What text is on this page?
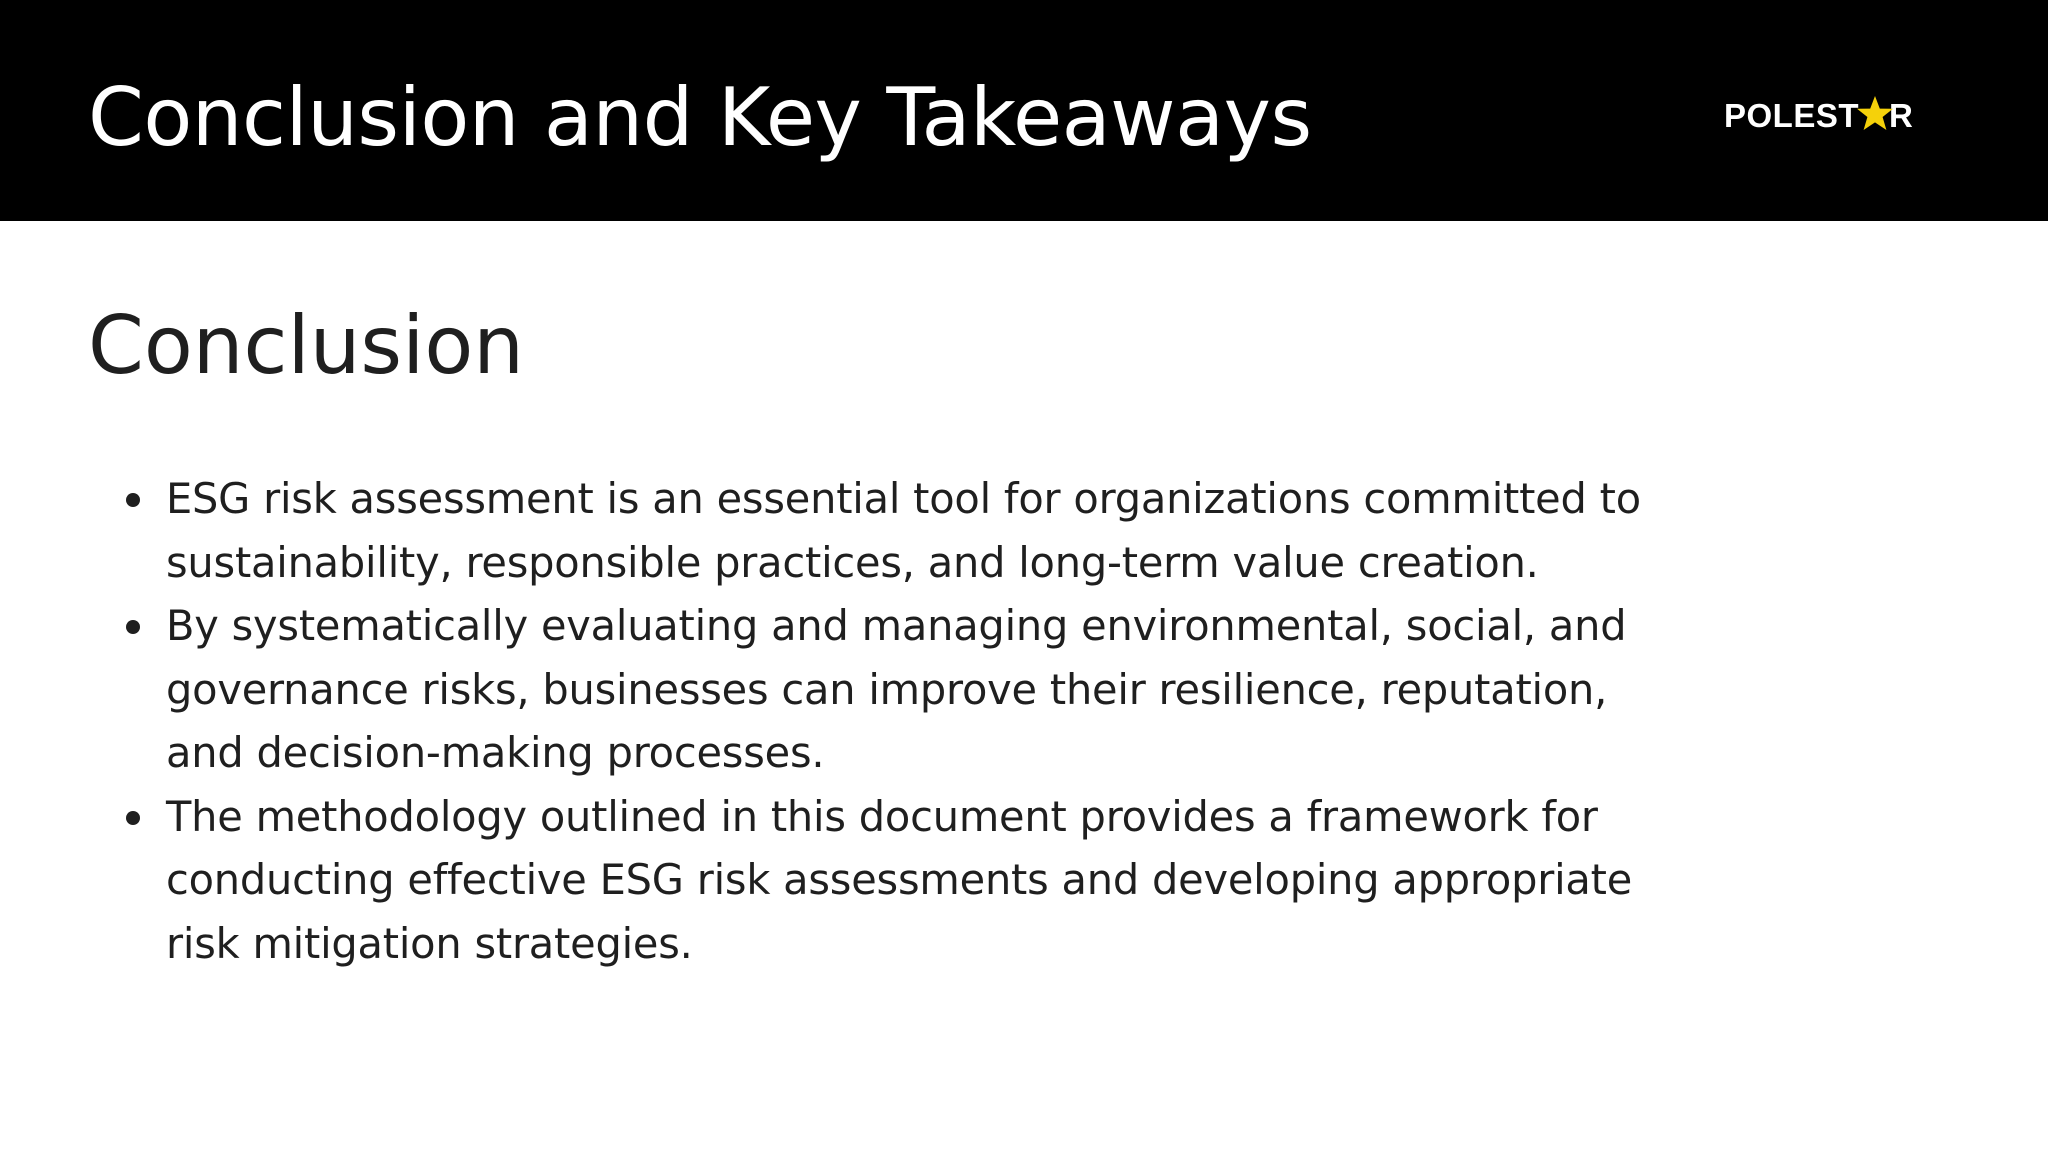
Conclusion and Key Takeaways	POLEST R
Conclusion
ESG risk assessment is an essential tool for organizations committed to
sustainability, responsible practices, and long-term value creation.
By systematically evaluating and managing environmental, social, and
governance risks, businesses can improve their resilience, reputation,
and decision-making processes.
The methodology outlined in this document provides a framework for
conducting effective ESG risk assessments and developing appropriate
risk mitigation strategies.
